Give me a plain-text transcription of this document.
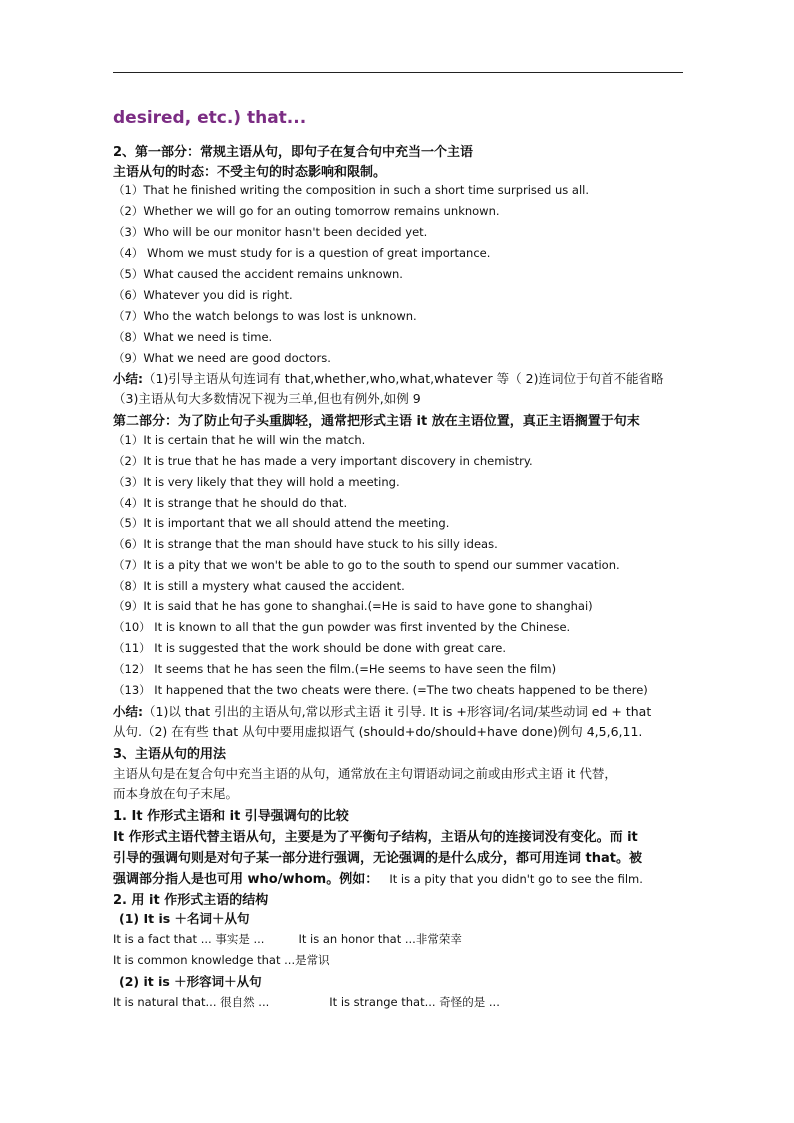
desired, etc.) that...
2、第一部分：常规主语从句，即句子在复合句中充当一个主语
主语从句的时态：不受主句的时态影响和限制。
（1）That he finished writing the composition in such a short time surprised us all.
（2）Whether we will go for an outing tomorrow remains unknown.
（3）Who will be our monitor hasn't been decided yet.
（4） Whom we must study for is a question of great importance.
（5）What caused the accident remains unknown.
（6）Whatever you did is right.
（7）Who the watch belongs to was lost is unknown.
（8）What we need is time.
（9）What we need are good doctors.
小结:（1)引导主语从句连词有 that,whether,who,what,whatever 等（ 2)连词位于句首不能省略
（3)主语从句大多数情况下视为三单,但也有例外,如例 9
第二部分：为了防止句子头重脚轻，通常把形式主语 it 放在主语位置，真正主语搁置于句末
（1）It is certain that he will win the match.
（2）It is true that he has made a very important discovery in chemistry.
（3）It is very likely that they will hold a meeting.
（4）It is strange that he should do that.
（5）It is important that we all should attend the meeting.
（6）It is strange that the man should have stuck to his silly ideas.
（7）It is a pity that we won't be able to go to the south to spend our summer vacation.
（8）It is still a mystery what caused the accident.
（9）It is said that he has gone to shanghai.(=He is said to have gone to shanghai)
（10） It is known to all that the gun powder was first invented by the Chinese.
（11） It is suggested that the work should be done with great care.
（12） It seems that he has seen the film.(=He seems to have seen the film)
（13） It happened that the two cheats were there. (=The two cheats happened to be there)
小结:（1)以 that 引出的主语从句,常以形式主语 it 引导. It is +形容词/名词/某些动词 ed + that
从句.（2) 在有些 that 从句中要用虚拟语气 (should+do/should+have done)例句 4,5,6,11.
3、主语从句的用法
主语从句是在复合句中充当主语的从句，通常放在主句谓语动词之前或由形式主语 it 代替，
而本身放在句子末尾。
1. It 作形式主语和 it 引导强调句的比较
It 作形式主语代替主语从句，主要是为了平衡句子结构，主语从句的连接词没有变化。而 it
引导的强调句则是对句子某一部分进行强调，无论强调的是什么成分，都可用连词 that。被
强调部分指人是也可用 who/whom。例如： It is a pity that you didn't go to see the film.
2. 用 it 作形式主语的结构
(1) It is ＋名词＋从句
It is a fact that ... 事实是 ...	It is an honor that ...非常荣幸
It is common knowledge that ...是常识
(2) it is ＋形容词＋从句
It is natural that... 很自然 ...	It is strange that... 奇怪的是 ...
